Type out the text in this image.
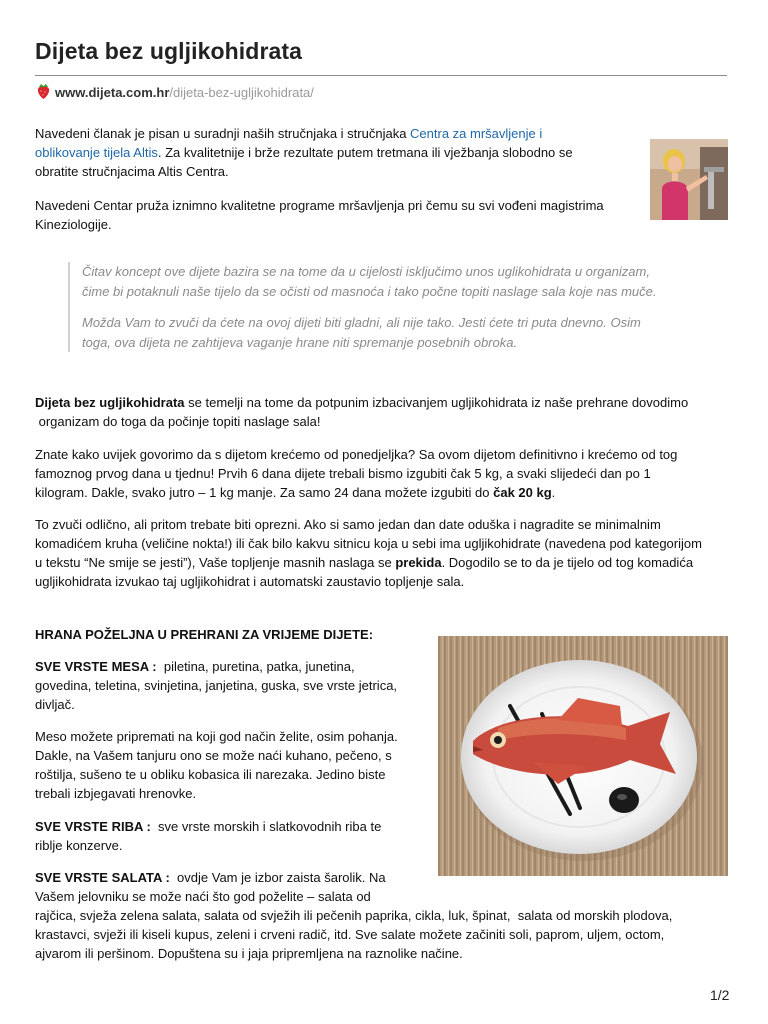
Dijeta bez ugljikohidrata
www.dijeta.com.hr/dijeta-bez-ugljikohidrata/

Navedeni članak je pisan u suradnji naših stručnjaka i stručnjaka Centra za mršavljenje i

oblikovanje tijela Altis. Za kvalitetnije i brže rezultate putem tretmana ili vježbanja slobodno se

obratite stručnjacima Altis Centra.

Navedeni Centar pruža iznimno kvalitetne programe mršavljenja pri čemu su svi vođeni magistrima

Kineziologije.

Čitav koncept ove dijete bazira se na tome da u cijelosti isključimo unos uglikohidrata u organizam,

čime bi potaknuli naše tijelo da se očisti od masnoća i tako počne topiti naslage sala koje nas muče.

Možda Vam to zvuči da ćete na ovoj dijeti biti gladni, ali nije tako. Jesti ćete tri puta dnevno. Osim

toga, ova dijeta ne zahtijeva vaganje hrane niti spremanje posebnih obroka.

Dijeta bez ugljikohidrata se temelji na tome da potpunim izbacivanjem ugljikohidrata iz naše prehrane dovodimo

organizam do toga da počinje topiti naslage sala!

Znate kako uvijek govorimo da s dijetom krećemo od ponedjeljka? Sa ovom dijetom definitivno i krećemo od tog

famoznog prvog dana u tjednu! Prvih 6 dana dijete trebali bismo izgubiti čak 5 kg, a svaki slijedeći dan po 1

kilogram. Dakle, svako jutro – 1 kg manje. Za samo 24 dana možete izgubiti do čak 20 kg.

To zvuči odlično, ali pritom trebate biti oprezni. Ako si samo jedan dan date oduška i nagradite se minimalnim

komadićem kruha (veličine nokta!) ili čak bilo kakvu sitnicu koja u sebi ima ugljikohidrate (navedena pod kategorijom

u tekstu “Ne smije se jesti”), Vaše topljenje masnih naslaga se prekida. Dogodilo se to da je tijelo od tog komadića

ugljikohidrata izvukao taj ugljikohidrat i automatski zaustavio topljenje sala.

HRANA POŽELJNA U PREHRANI ZA VRIJEME DIJETE:

SVE VRSTE MESA :  piletina, puretina, patka, junetina,

govedina, teletina, svinjetina, janjetina, guska, sve vrste jetrica,

divljač.

Meso možete pripremati na koji god način želite, osim pohanja.

Dakle, na Vašem tanjuru ono se može naći kuhano, pečeno, s

roštilja, sušeno te u obliku kobasica ili narezaka. Jedino biste

trebali izbjegavati hrenovke.

SVE VRSTE RIBA :  sve vrste morskih i slatkovodnih riba te

riblje konzerve.

SVE VRSTE SALATA :  ovdje Vam je izbor zaista šarolik. Na

Vašem jelovniku se može naći što god poželite – salata od

rajčica, svježa zelena salata, salata od svježih ili pečenih paprika, cikla, luk, špinat,  salata od morskih plodova,

krastavci, svježi ili kiseli kupus, zeleni i crveni radič, itd. Sve salate možete začiniti soli, paprom, uljem, octom,

ajvarom ili peršinom. Dopuštena su i jaja pripremljena na raznolike načine.

1/2
